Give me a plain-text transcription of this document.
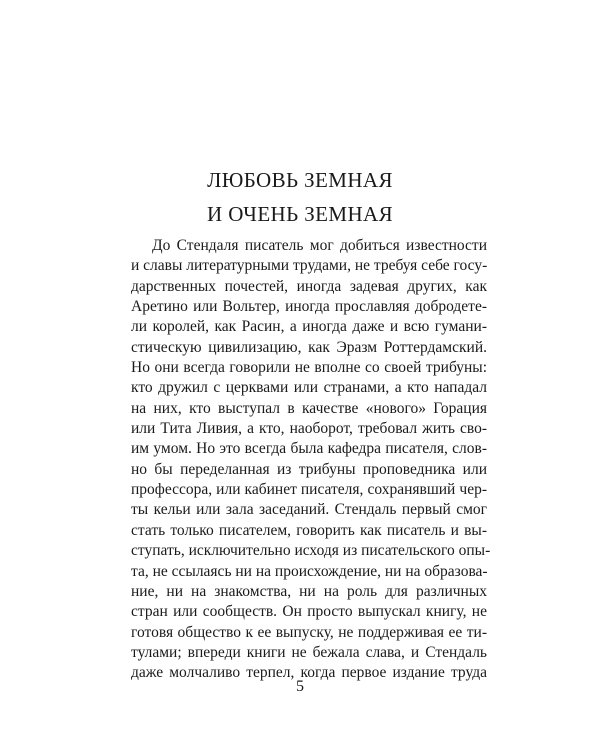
ЛЮБОВЬ ЗЕМНАЯ
И ОЧЕНЬ ЗЕМНАЯ
До Стендаля писатель мог добиться известности
и славы литературными трудами, не требуя себе госу-
дарственных почестей, иногда задевая других, как
Аретино или Вольтер, иногда прославляя добродете-
ли королей, как Расин, а иногда даже и всю гумани-
стическую цивилизацию, как Эразм Роттердамский.
Но они всегда говорили не вполне со своей трибуны:
кто дружил с церквами или странами, а кто нападал
на них, кто выступал в качестве «нового» Горация
или Тита Ливия, а кто, наоборот, требовал жить сво-
им умом. Но это всегда была кафедра писателя, слов-
но бы переделанная из трибуны проповедника или
профессора, или кабинет писателя, сохранявший чер-
ты кельи или зала заседаний. Стендаль первый смог
стать только писателем, говорить как писатель и вы-
ступать, исключительно исходя из писательского опы-
та, не ссылаясь ни на происхождение, ни на образова-
ние, ни на знакомства, ни на роль для различных
стран или сообществ. Он просто выпускал книгу, не
готовя общество к ее выпуску, не поддерживая ее ти-
тулами; впереди книги не бежала слава, и Стендаль
даже молчаливо терпел, когда первое издание труда
5
